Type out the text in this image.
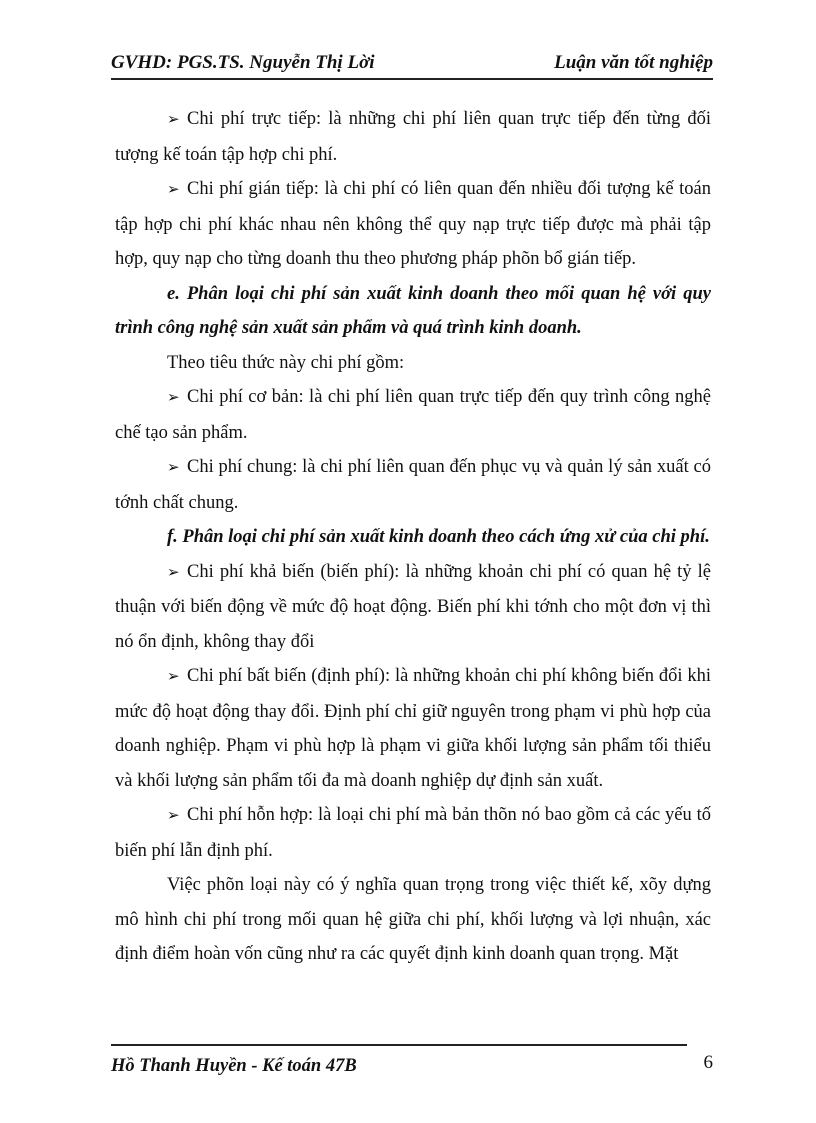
GVHD: PGS.TS. Nguyễn Thị Lời	Luận văn tốt nghiệp

➢ Chi phí trực tiếp: là những chi phí liên quan trực tiếp đến từng đối tượng kế toán tập hợp chi phí.

➢ Chi phí gián tiếp: là chi phí có liên quan đến nhiều đối tượng kế toán tập hợp chi phí khác nhau nên không thể quy nạp trực tiếp được mà phải tập hợp, quy nạp cho từng doanh thu theo phương pháp phõn bổ gián tiếp.

e. Phân loại chi phí sản xuất kinh doanh theo mối quan hệ với quy trình công nghệ sản xuất sản phẩm và quá trình kinh doanh.

Theo tiêu thức này chi phí gồm:

➢ Chi phí cơ bản: là chi phí liên quan trực tiếp đến quy trình công nghệ chế tạo sản phẩm.

➢ Chi phí chung: là chi phí liên quan đến phục vụ và quản lý sản xuất có tớnh chất chung.

f. Phân loại chi phí sản xuất kinh doanh theo cách ứng xử của chi phí.

➢ Chi phí khả biến (biến phí): là những khoản chi phí có quan hệ tỷ lệ thuận với biến động về mức độ hoạt động. Biến phí khi tớnh cho một đơn vị thì nó ổn định, không thay đổi

➢ Chi phí bất biến (định phí): là những khoản chi phí không biến đổi khi mức độ hoạt động thay đổi. Định phí chỉ giữ nguyên trong phạm vi phù hợp của doanh nghiệp. Phạm vi phù hợp là phạm vi giữa khối lượng sản phẩm tối thiểu và khối lượng sản phẩm tối đa mà doanh nghiệp dự định sản xuất.

➢ Chi phí hỗn hợp: là loại chi phí mà bản thõn nó bao gồm cả các yếu tố biến phí lẫn định phí.

Việc phõn loại này có ý nghĩa quan trọng trong việc thiết kế, xõy dựng mô hình chi phí trong mối quan hệ giữa chi phí, khối lượng và lợi nhuận, xác định điểm hoàn vốn cũng như ra các quyết định kinh doanh quan trọng. Mặt

Hồ Thanh Huyền - Kế toán 47B	6
